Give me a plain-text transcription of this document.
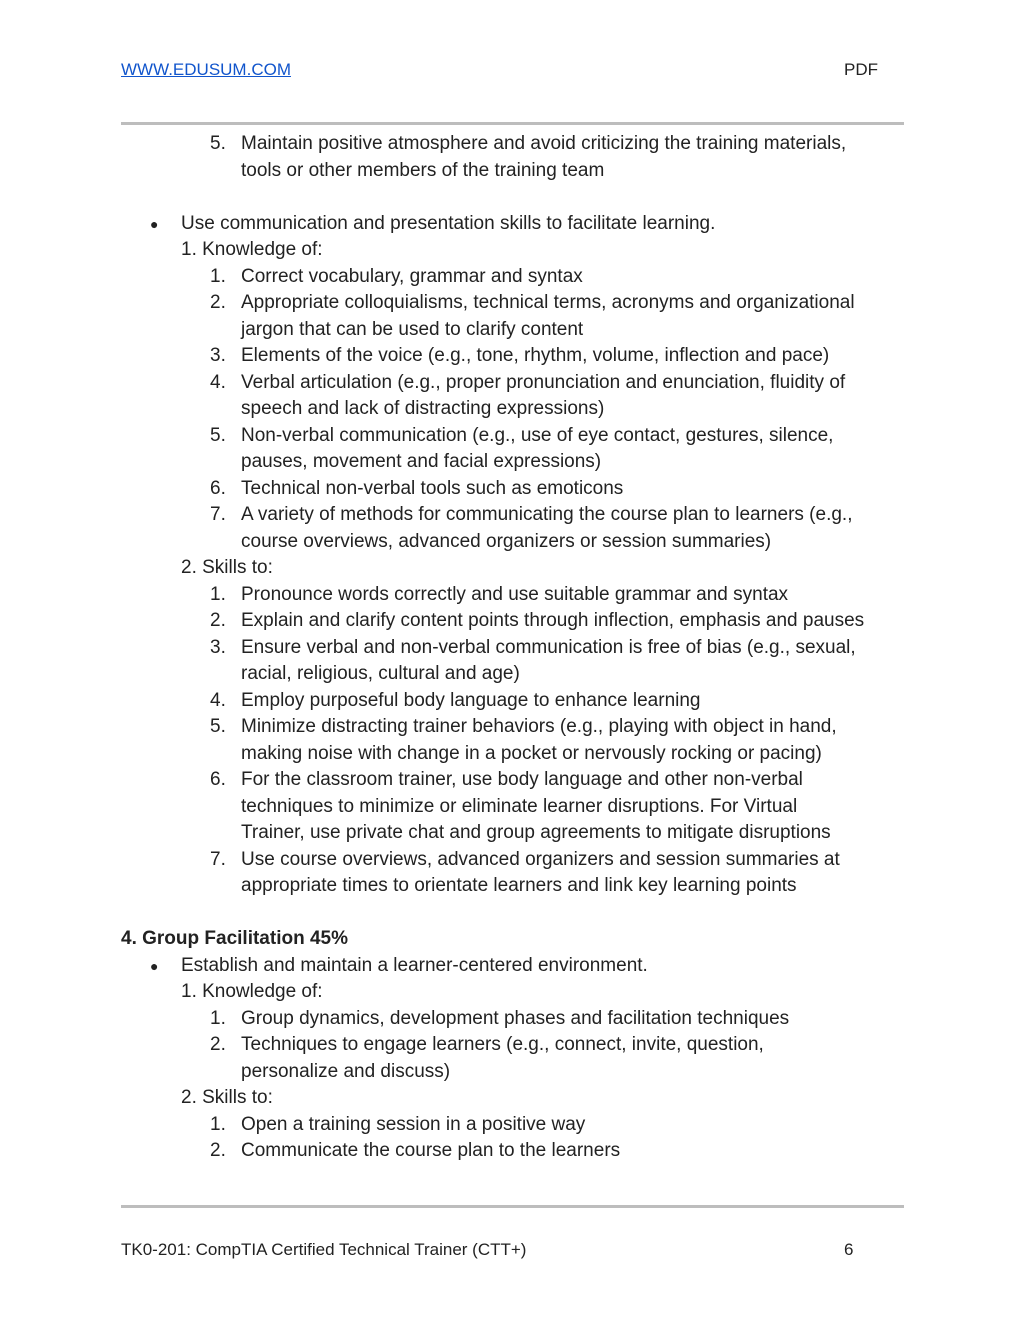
WWW.EDUSUM.COM	PDF
5. Maintain positive atmosphere and avoid criticizing the training materials,
tools or other members of the training team
● Use communication and presentation skills to facilitate learning.
1. Knowledge of:
1. Correct vocabulary, grammar and syntax
2. Appropriate colloquialisms, technical terms, acronyms and organizational
jargon that can be used to clarify content
3. Elements of the voice (e.g., tone, rhythm, volume, inflection and pace)
4. Verbal articulation (e.g., proper pronunciation and enunciation, fluidity of
speech and lack of distracting expressions)
5. Non-verbal communication (e.g., use of eye contact, gestures, silence,
pauses, movement and facial expressions)
6. Technical non-verbal tools such as emoticons
7. A variety of methods for communicating the course plan to learners (e.g.,
course overviews, advanced organizers or session summaries)
2. Skills to:
1. Pronounce words correctly and use suitable grammar and syntax
2. Explain and clarify content points through inflection, emphasis and pauses
3. Ensure verbal and non-verbal communication is free of bias (e.g., sexual,
racial, religious, cultural and age)
4. Employ purposeful body language to enhance learning
5. Minimize distracting trainer behaviors (e.g., playing with object in hand,
making noise with change in a pocket or nervously rocking or pacing)
6. For the classroom trainer, use body language and other non-verbal
techniques to minimize or eliminate learner disruptions. For Virtual
Trainer, use private chat and group agreements to mitigate disruptions
7. Use course overviews, advanced organizers and session summaries at
appropriate times to orientate learners and link key learning points
4. Group Facilitation 45%
● Establish and maintain a learner-centered environment.
1. Knowledge of:
1. Group dynamics, development phases and facilitation techniques
2. Techniques to engage learners (e.g., connect, invite, question,
personalize and discuss)
2. Skills to:
1. Open a training session in a positive way
2. Communicate the course plan to the learners
TK0-201: CompTIA Certified Technical Trainer (CTT+)	6
